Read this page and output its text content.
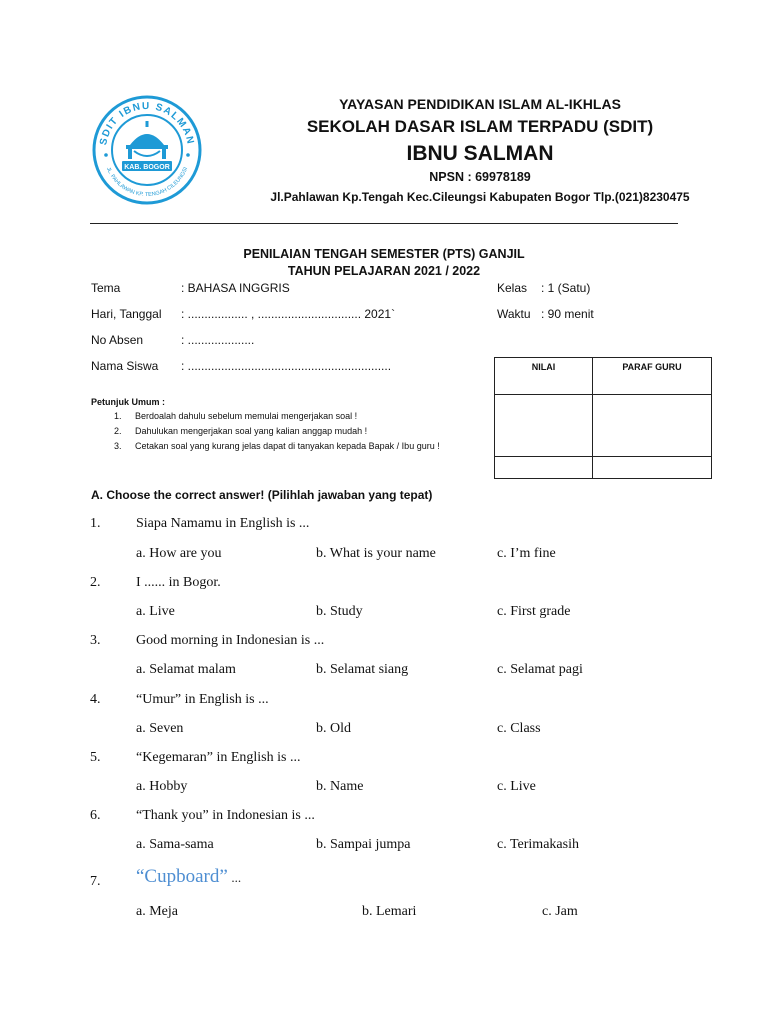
SDIT IBNU SALMAN
JL. PAHLAWAN KP. TENGAH CILEUNGSI
KAB. BOGOR
YAYASAN PENDIDIKAN ISLAM AL-IKHLAS
SEKOLAH DASAR ISLAM TERPADU (SDIT)
IBNU SALMAN
NPSN : 69978189
Jl.Pahlawan Kp.Tengah Kec.Cileungsi Kabupaten Bogor Tlp.(021)8230475
PENILAIAN TENGAH SEMESTER (PTS) GANJIL
TAHUN PELAJARAN 2021 / 2022
Tema	: BAHASA INGGRIS
Hari, Tanggal : .................. , ............................... 2021`
No Absen	: ....................
Nama Siswa : .............................................................
Kelas : 1 (Satu)
Waktu : 90 menit
NILAI	PARAF GURU

Petunjuk Umum :
1. Berdoalah dahulu sebelum memulai mengerjakan soal !
2. Dahulukan mengerjakan soal yang kalian anggap mudah !
3. Cetakan soal yang kurang jelas dapat di tanyakan kepada Bapak / Ibu guru !
A. Choose the correct answer! (Pilihlah jawaban yang tepat)
1.	Siapa Namamu in English is ...
a. How are you	b. What is your name	c. I’m fine
2.	I ...... in Bogor.
a. Live	b. Study	c. First grade
3.	Good morning in Indonesian is ...
a. Selamat malam	b. Selamat siang	c. Selamat pagi
4.	“Umur” in English is ...
a. Seven	b. Old	c. Class
5.	“Kegemaran” in English is ...
a. Hobby	b. Name	c. Live
6.	“Thank you” in Indonesian is ...
a. Sama-sama	b. Sampai jumpa	c. Terimakasih
7. “Cupboard” ...
a. Meja	b. Lemari	c. Jam
